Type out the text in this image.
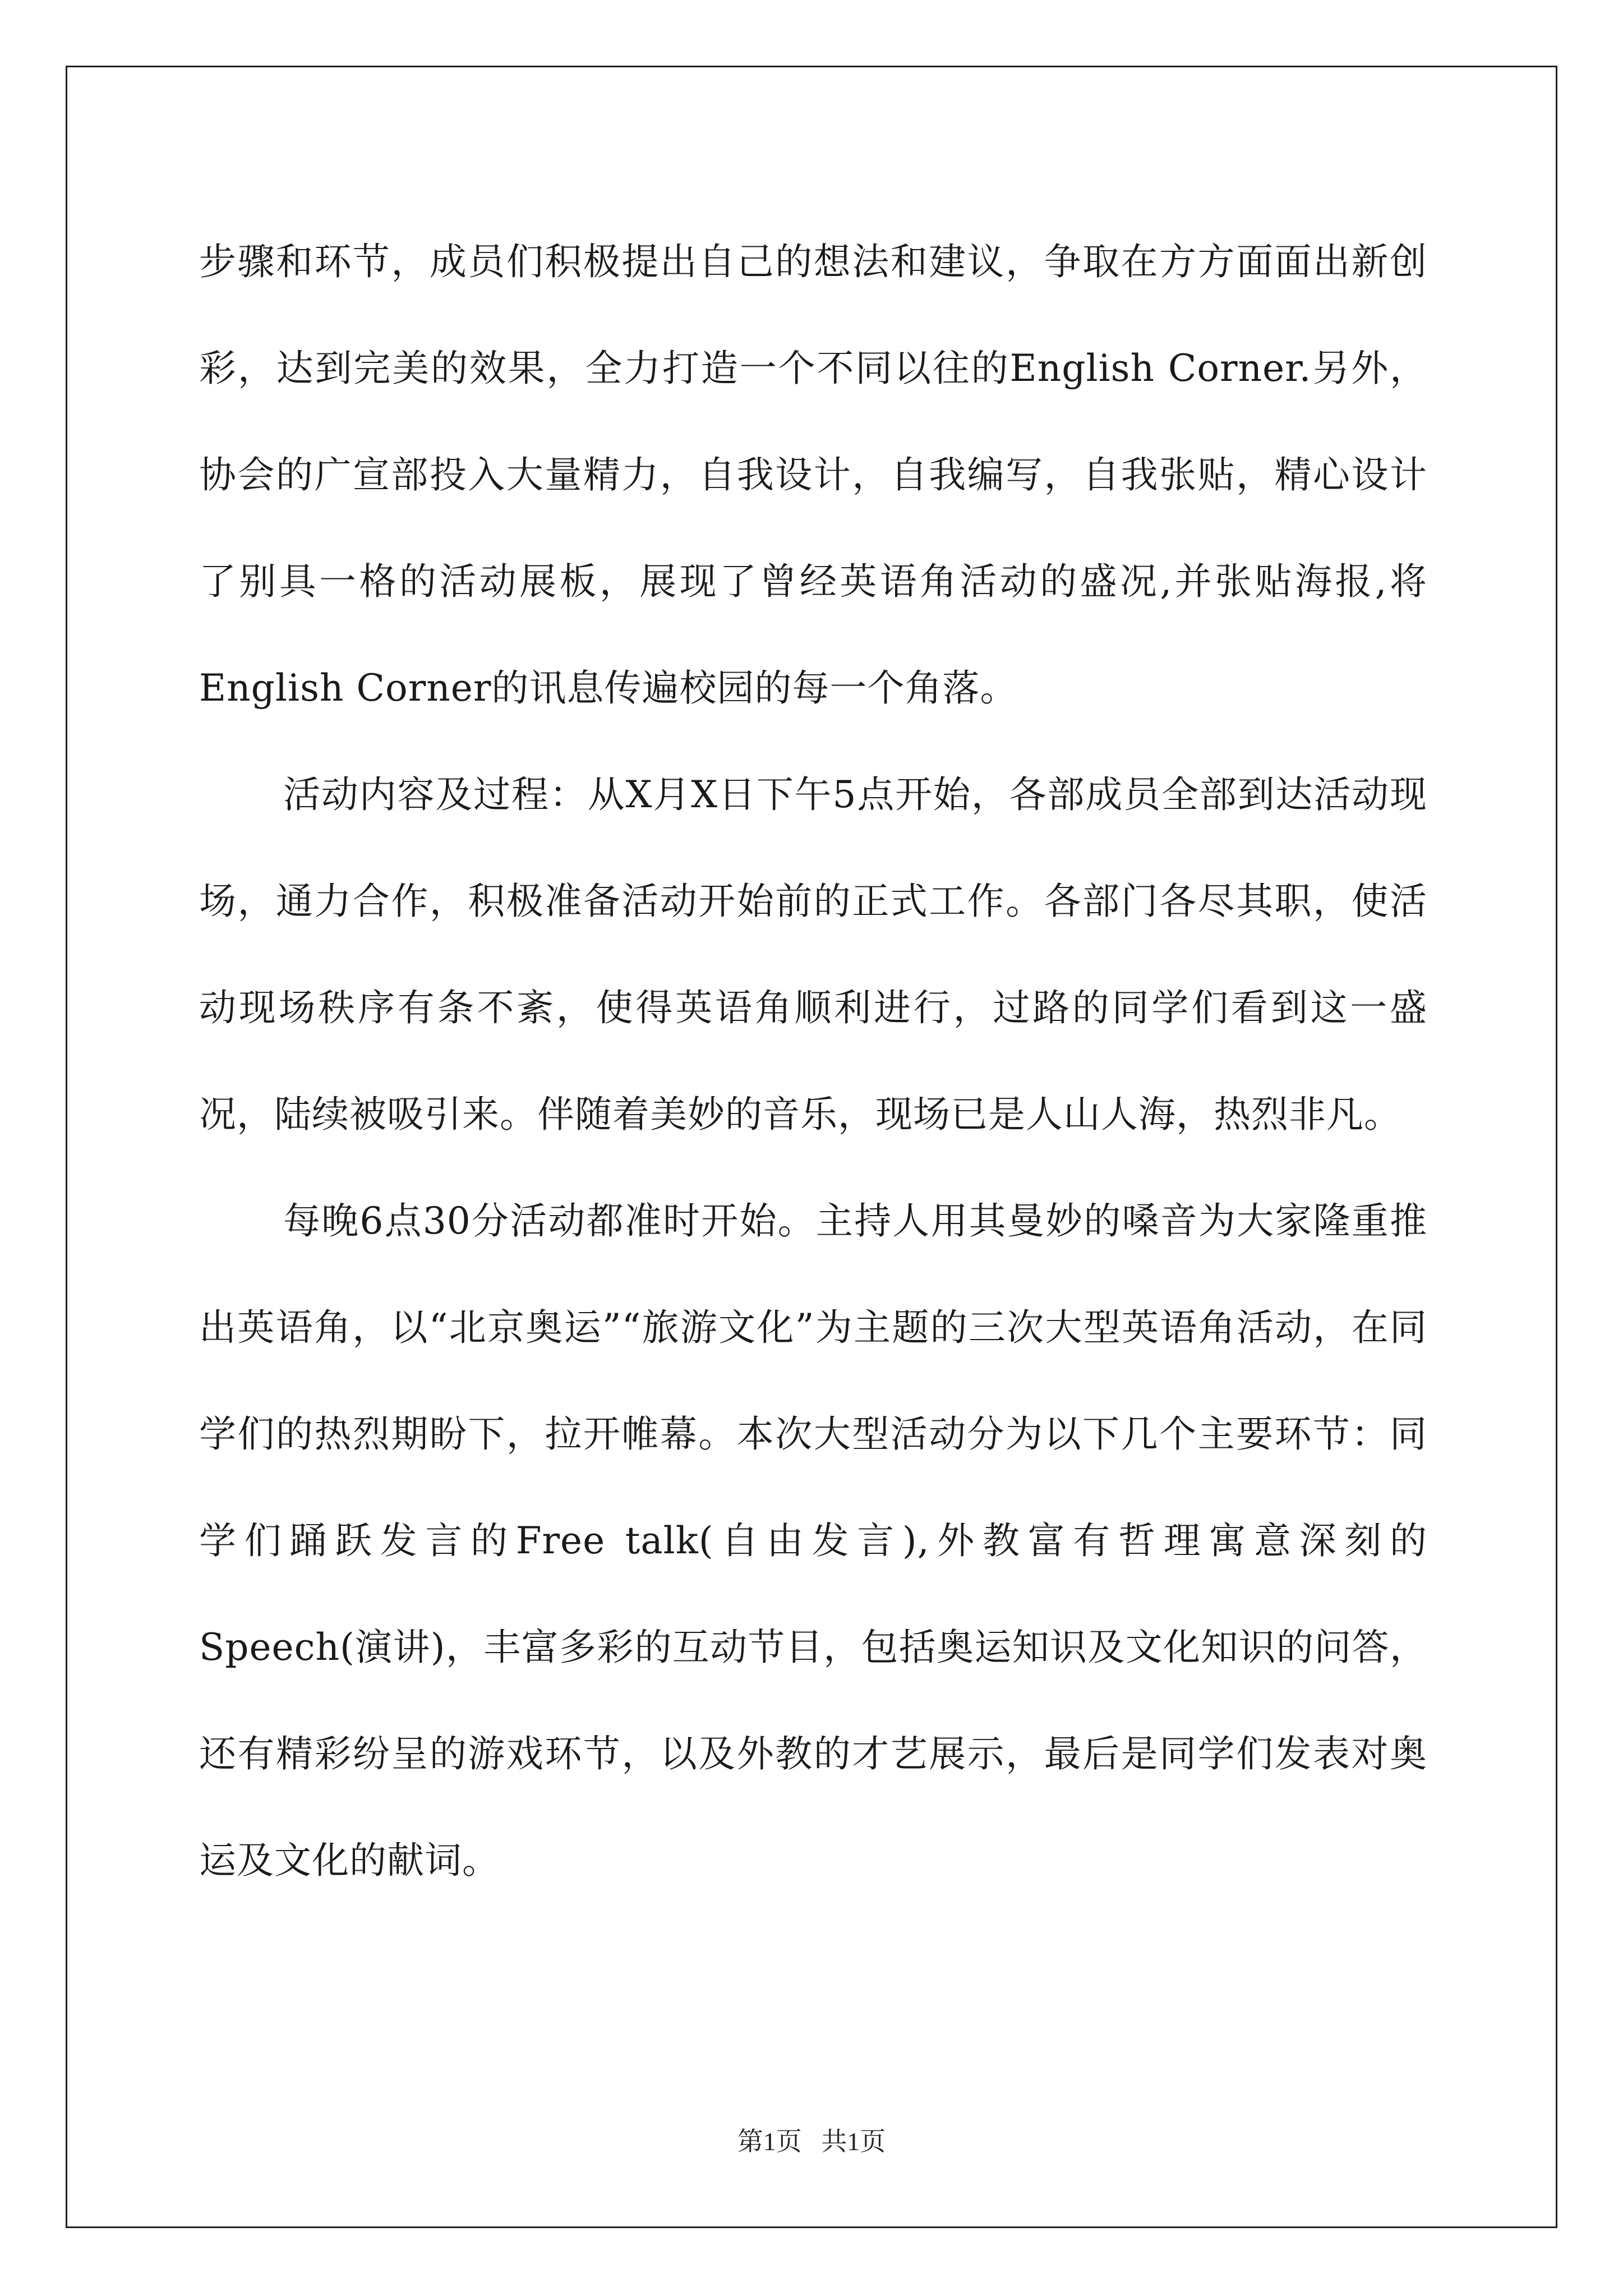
步骤和环节，成员们积极提出自己的想法和建议，争取在方方面面出新创彩，达到完美的效果，全力打造一个不同以往的English Corner.另外，协会的广宣部投入大量精力，自我设计，自我编写，自我张贴，精心设计了别具一格的活动展板，展现了曾经英语角活动的盛况,并张贴海报,将English Corner的讯息传遍校园的每一个角落。

活动内容及过程：从X月X日下午5点开始，各部成员全部到达活动现场，通力合作，积极准备活动开始前的正式工作。各部门各尽其职，使活动现场秩序有条不紊，使得英语角顺利进行，过路的同学们看到这一盛况，陆续被吸引来。伴随着美妙的音乐，现场已是人山人海，热烈非凡。

每晚6点30分活动都准时开始。主持人用其曼妙的嗓音为大家隆重推出英语角，以“北京奥运”“旅游文化”为主题的三次大型英语角活动，在同学们的热烈期盼下，拉开帷幕。本次大型活动分为以下几个主要环节：同学们踊跃发言的Free talk(自由发言),外教富有哲理寓意深刻的Speech(演讲)，丰富多彩的互动节目，包括奥运知识及文化知识的问答，还有精彩纷呈的游戏环节，以及外教的才艺展示，最后是同学们发表对奥运及文化的献词。

第1页   共1页
